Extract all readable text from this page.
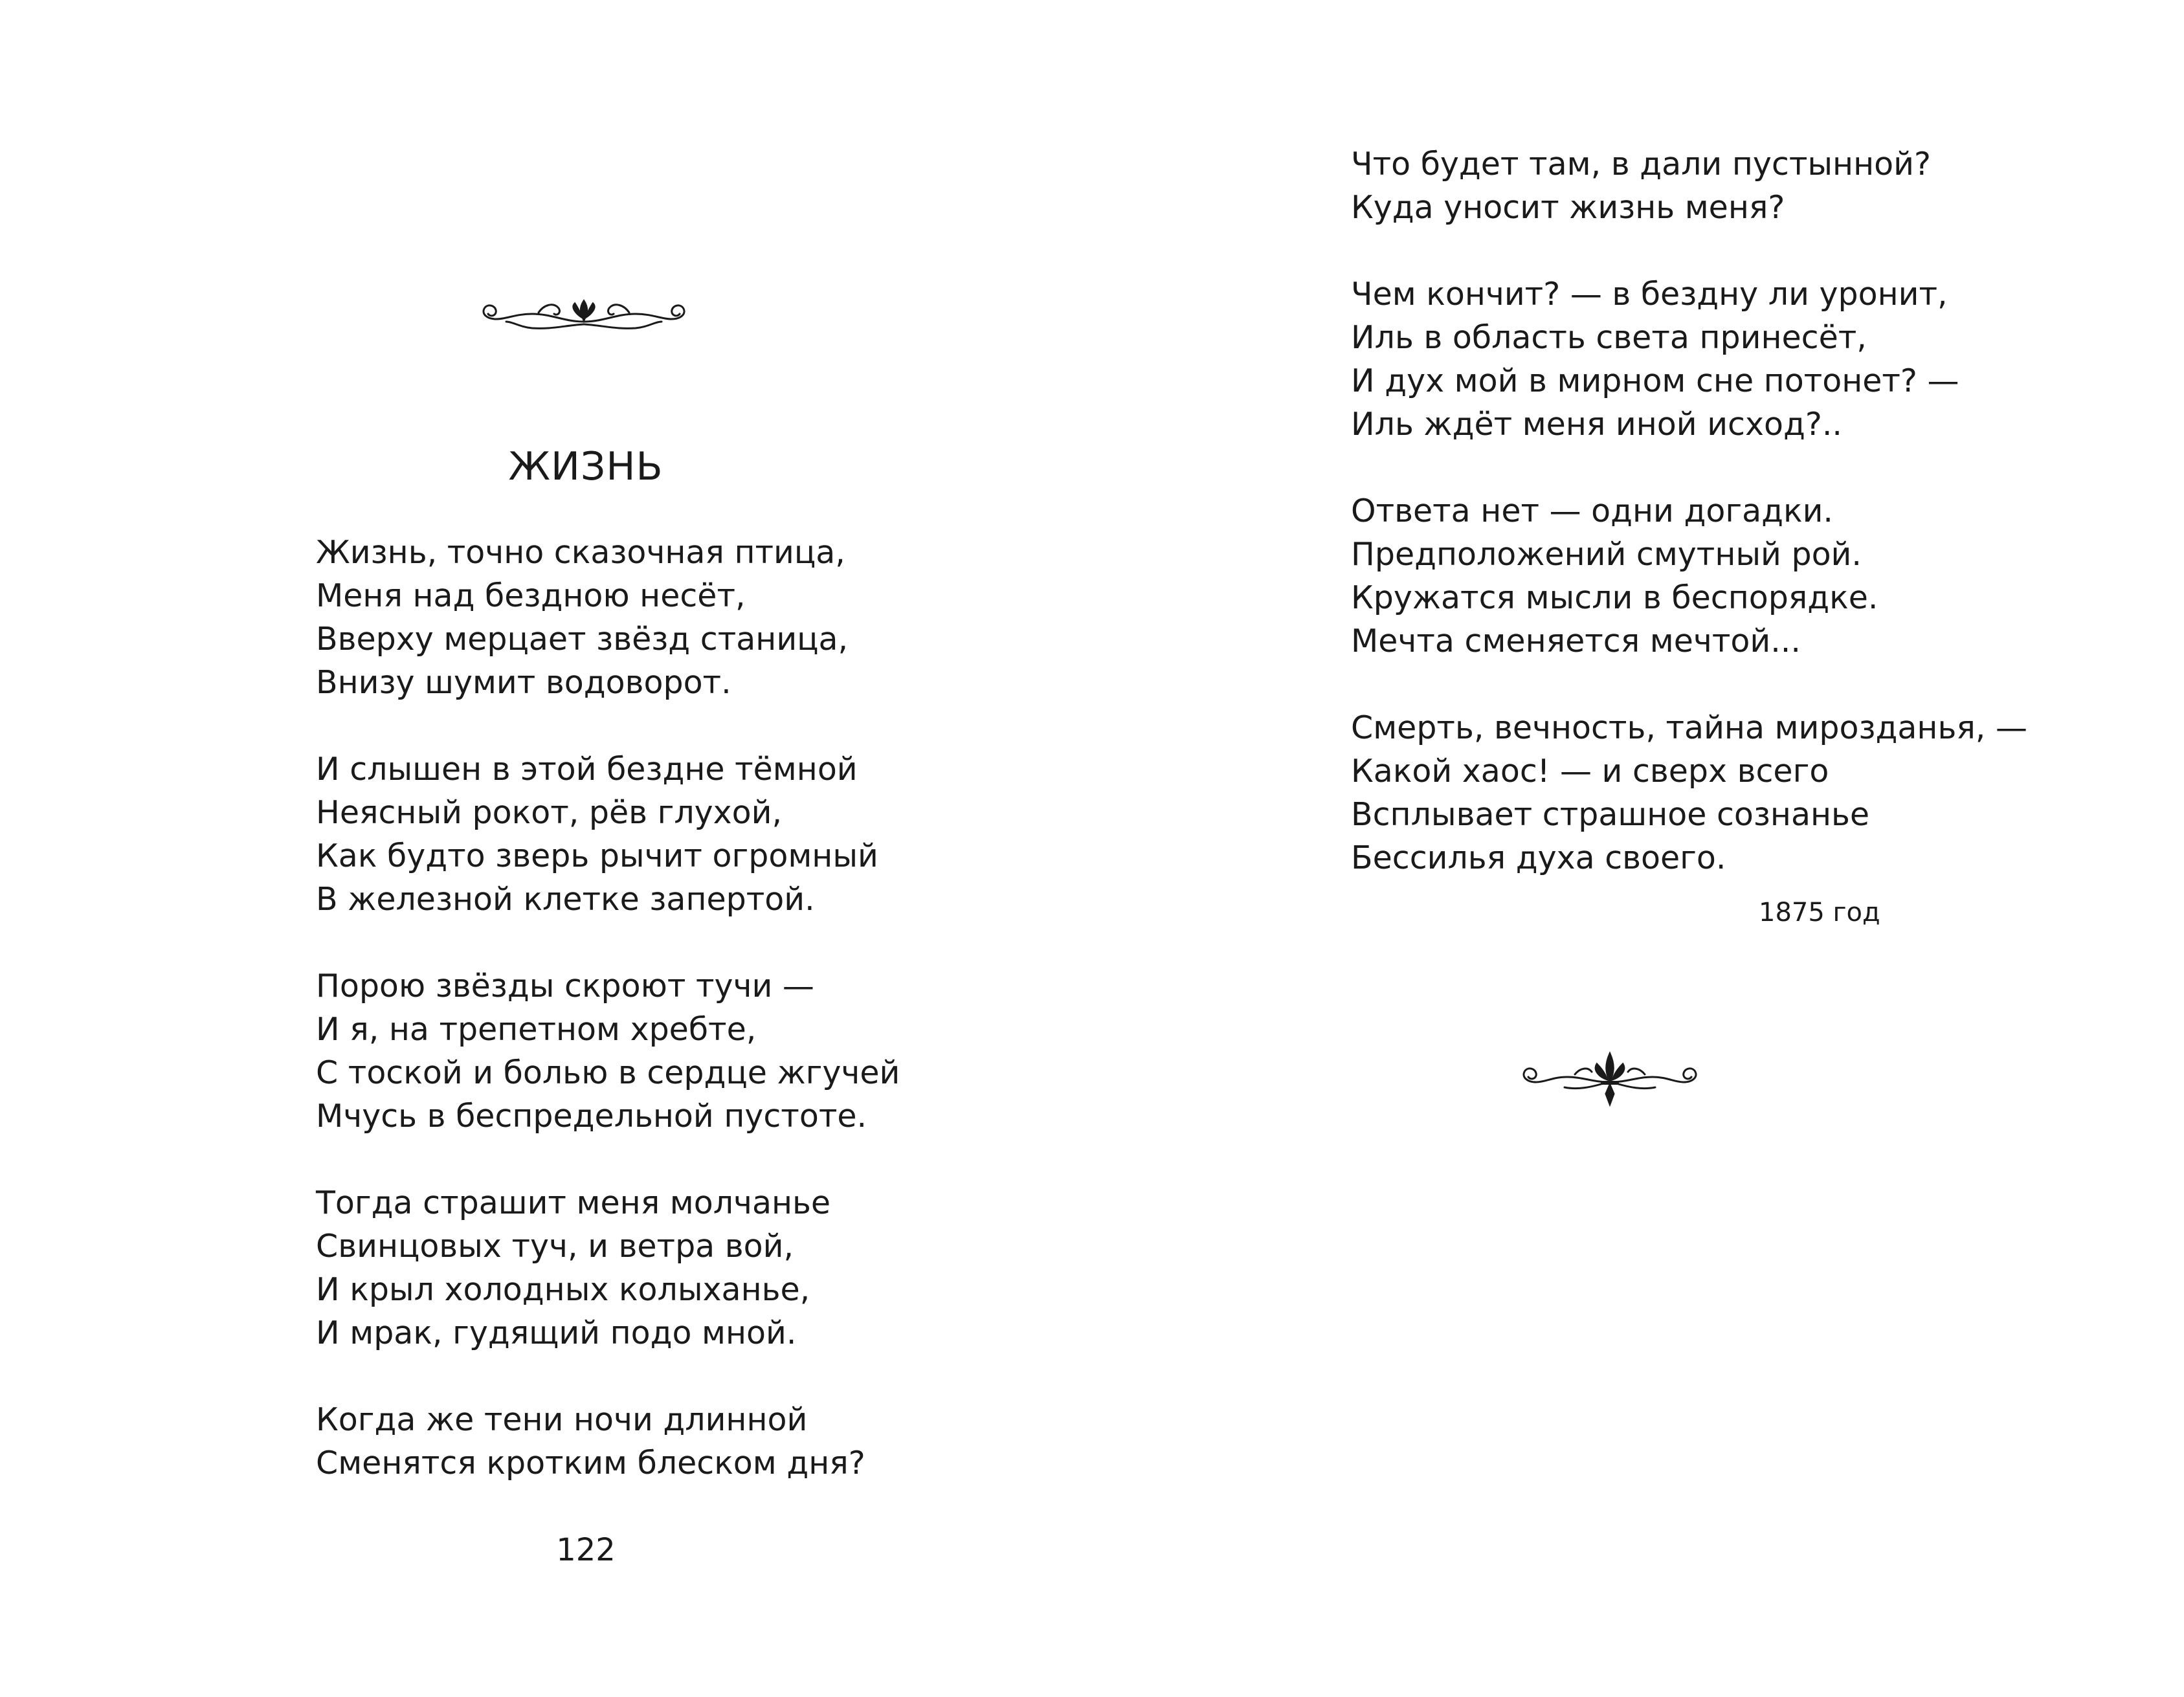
ЖИЗНЬ
Жизнь, точно сказочная птица,
Меня над бездною несёт,
Вверху мерцает звёзд станица,
Внизу шумит водоворот.
И слышен в этой бездне тёмной
Неясный рокот, рёв глухой,
Как будто зверь рычит огромный
В железной клетке запертой.
Порою звёзды скроют тучи —
И я, на трепетном хребте,
С тоской и болью в сердце жгучей
Мчусь в беспредельной пустоте.
Тогда страшит меня молчанье
Свинцовых туч, и ветра вой,
И крыл холодных колыханье,
И мрак, гудящий подо мной.
Когда же тени ночи длинной
Сменятся кротким блеском дня?
122
Что будет там, в дали пустынной?
Куда уносит жизнь меня?
Чем кончит? — в бездну ли уронит,
Иль в область света принесёт,
И дух мой в мирном сне потонет? —
Иль ждёт меня иной исход?..
Ответа нет — одни догадки.
Предположений смутный рой.
Кружатся мысли в беспорядке.
Мечта сменяется мечтой...
Смерть, вечность, тайна мирозданья, —
Какой хаос! — и сверх всего
Всплывает страшное сознанье
Бессилья духа своего.
1875 год
